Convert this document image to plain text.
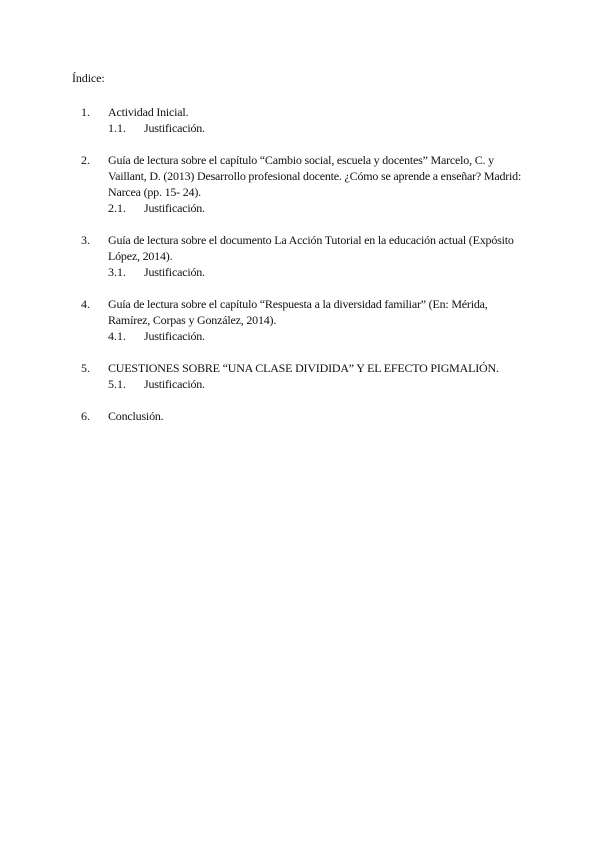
Índice:
1. Actividad Inicial.
1.1. Justificación.
2. Guía de lectura sobre el capítulo “Cambio social, escuela y docentes” Marcelo, C. y Vaillant, D. (2013) Desarrollo profesional docente. ¿Cómo se aprende a enseñar? Madrid: Narcea (pp. 15- 24).
2.1. Justificación.
3. Guía de lectura sobre el documento La Acción Tutorial en la educación actual (Expósito López, 2014).
3.1. Justificación.
4. Guía de lectura sobre el capítulo “Respuesta a la diversidad familiar” (En: Mérida, Ramírez, Corpas y González, 2014).
4.1. Justificación.
5. CUESTIONES SOBRE “UNA CLASE DIVIDIDA” Y EL EFECTO PIGMALIÓN.
5.1. Justificación.
6. Conclusión.
